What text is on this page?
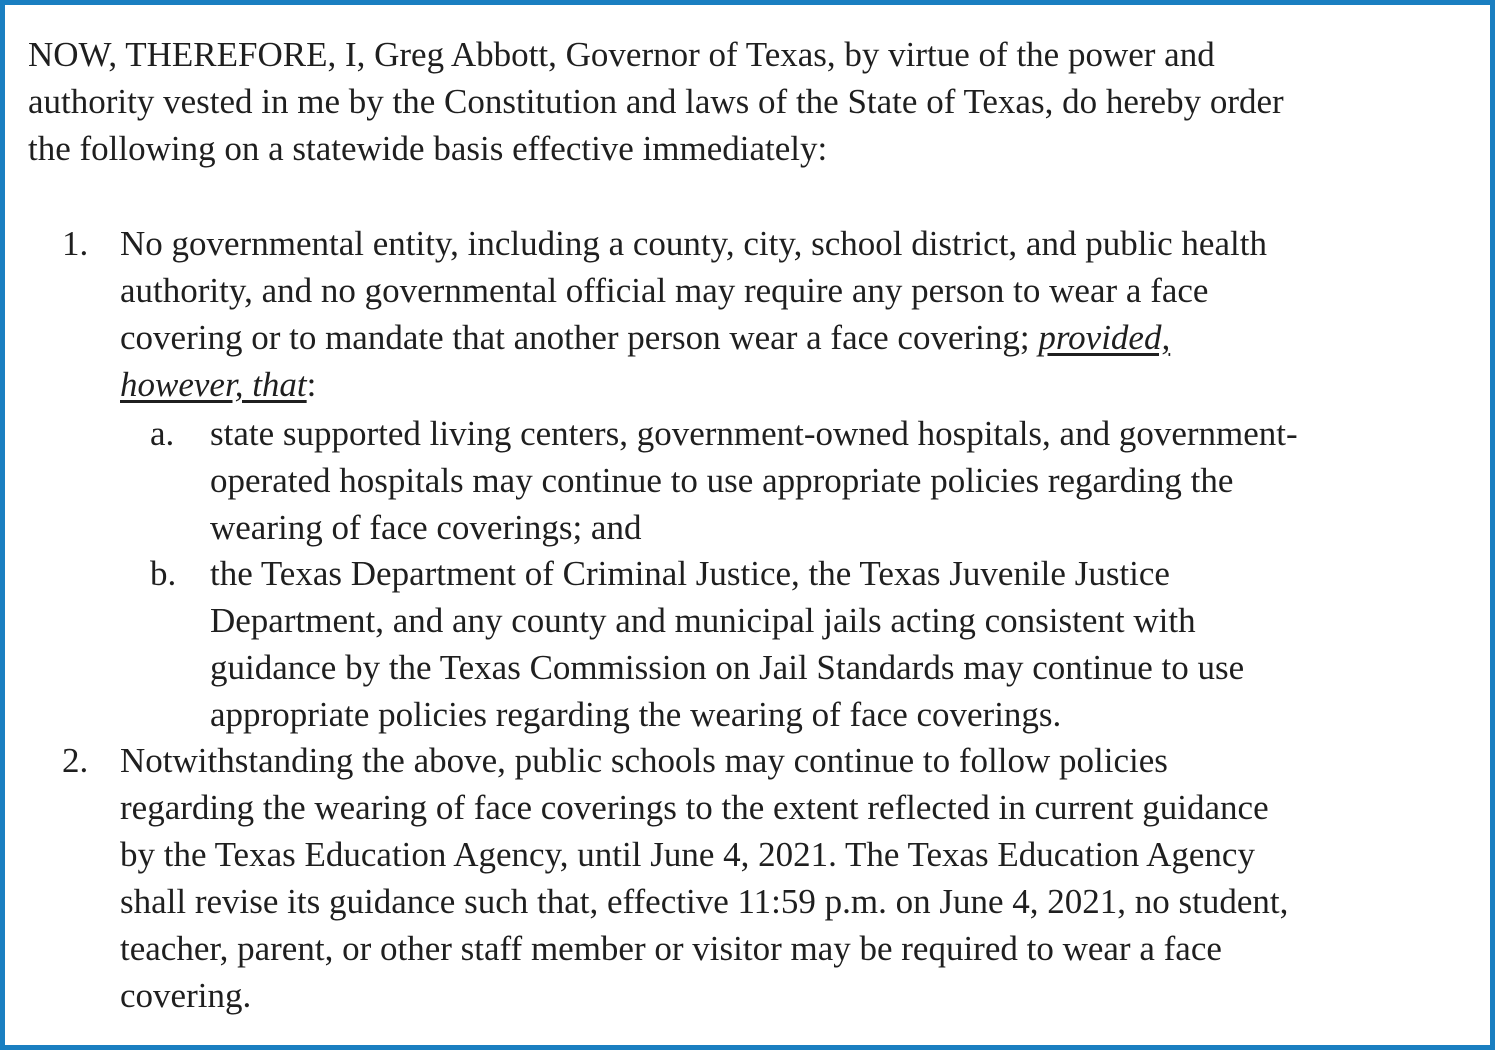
NOW, THEREFORE, I, Greg Abbott, Governor of Texas, by virtue of the power and
authority vested in me by the Constitution and laws of the State of Texas, do hereby order
the following on a statewide basis effective immediately:

1. No governmental entity, including a county, city, school district, and public health
authority, and no governmental official may require any person to wear a face
covering or to mandate that another person wear a face covering; provided,
however, that:
a. state supported living centers, government-owned hospitals, and government-
operated hospitals may continue to use appropriate policies regarding the
wearing of face coverings; and
b. the Texas Department of Criminal Justice, the Texas Juvenile Justice
Department, and any county and municipal jails acting consistent with
guidance by the Texas Commission on Jail Standards may continue to use
appropriate policies regarding the wearing of face coverings.
2. Notwithstanding the above, public schools may continue to follow policies
regarding the wearing of face coverings to the extent reflected in current guidance
by the Texas Education Agency, until June 4, 2021. The Texas Education Agency
shall revise its guidance such that, effective 11:59 p.m. on June 4, 2021, no student,
teacher, parent, or other staff member or visitor may be required to wear a face
covering.
